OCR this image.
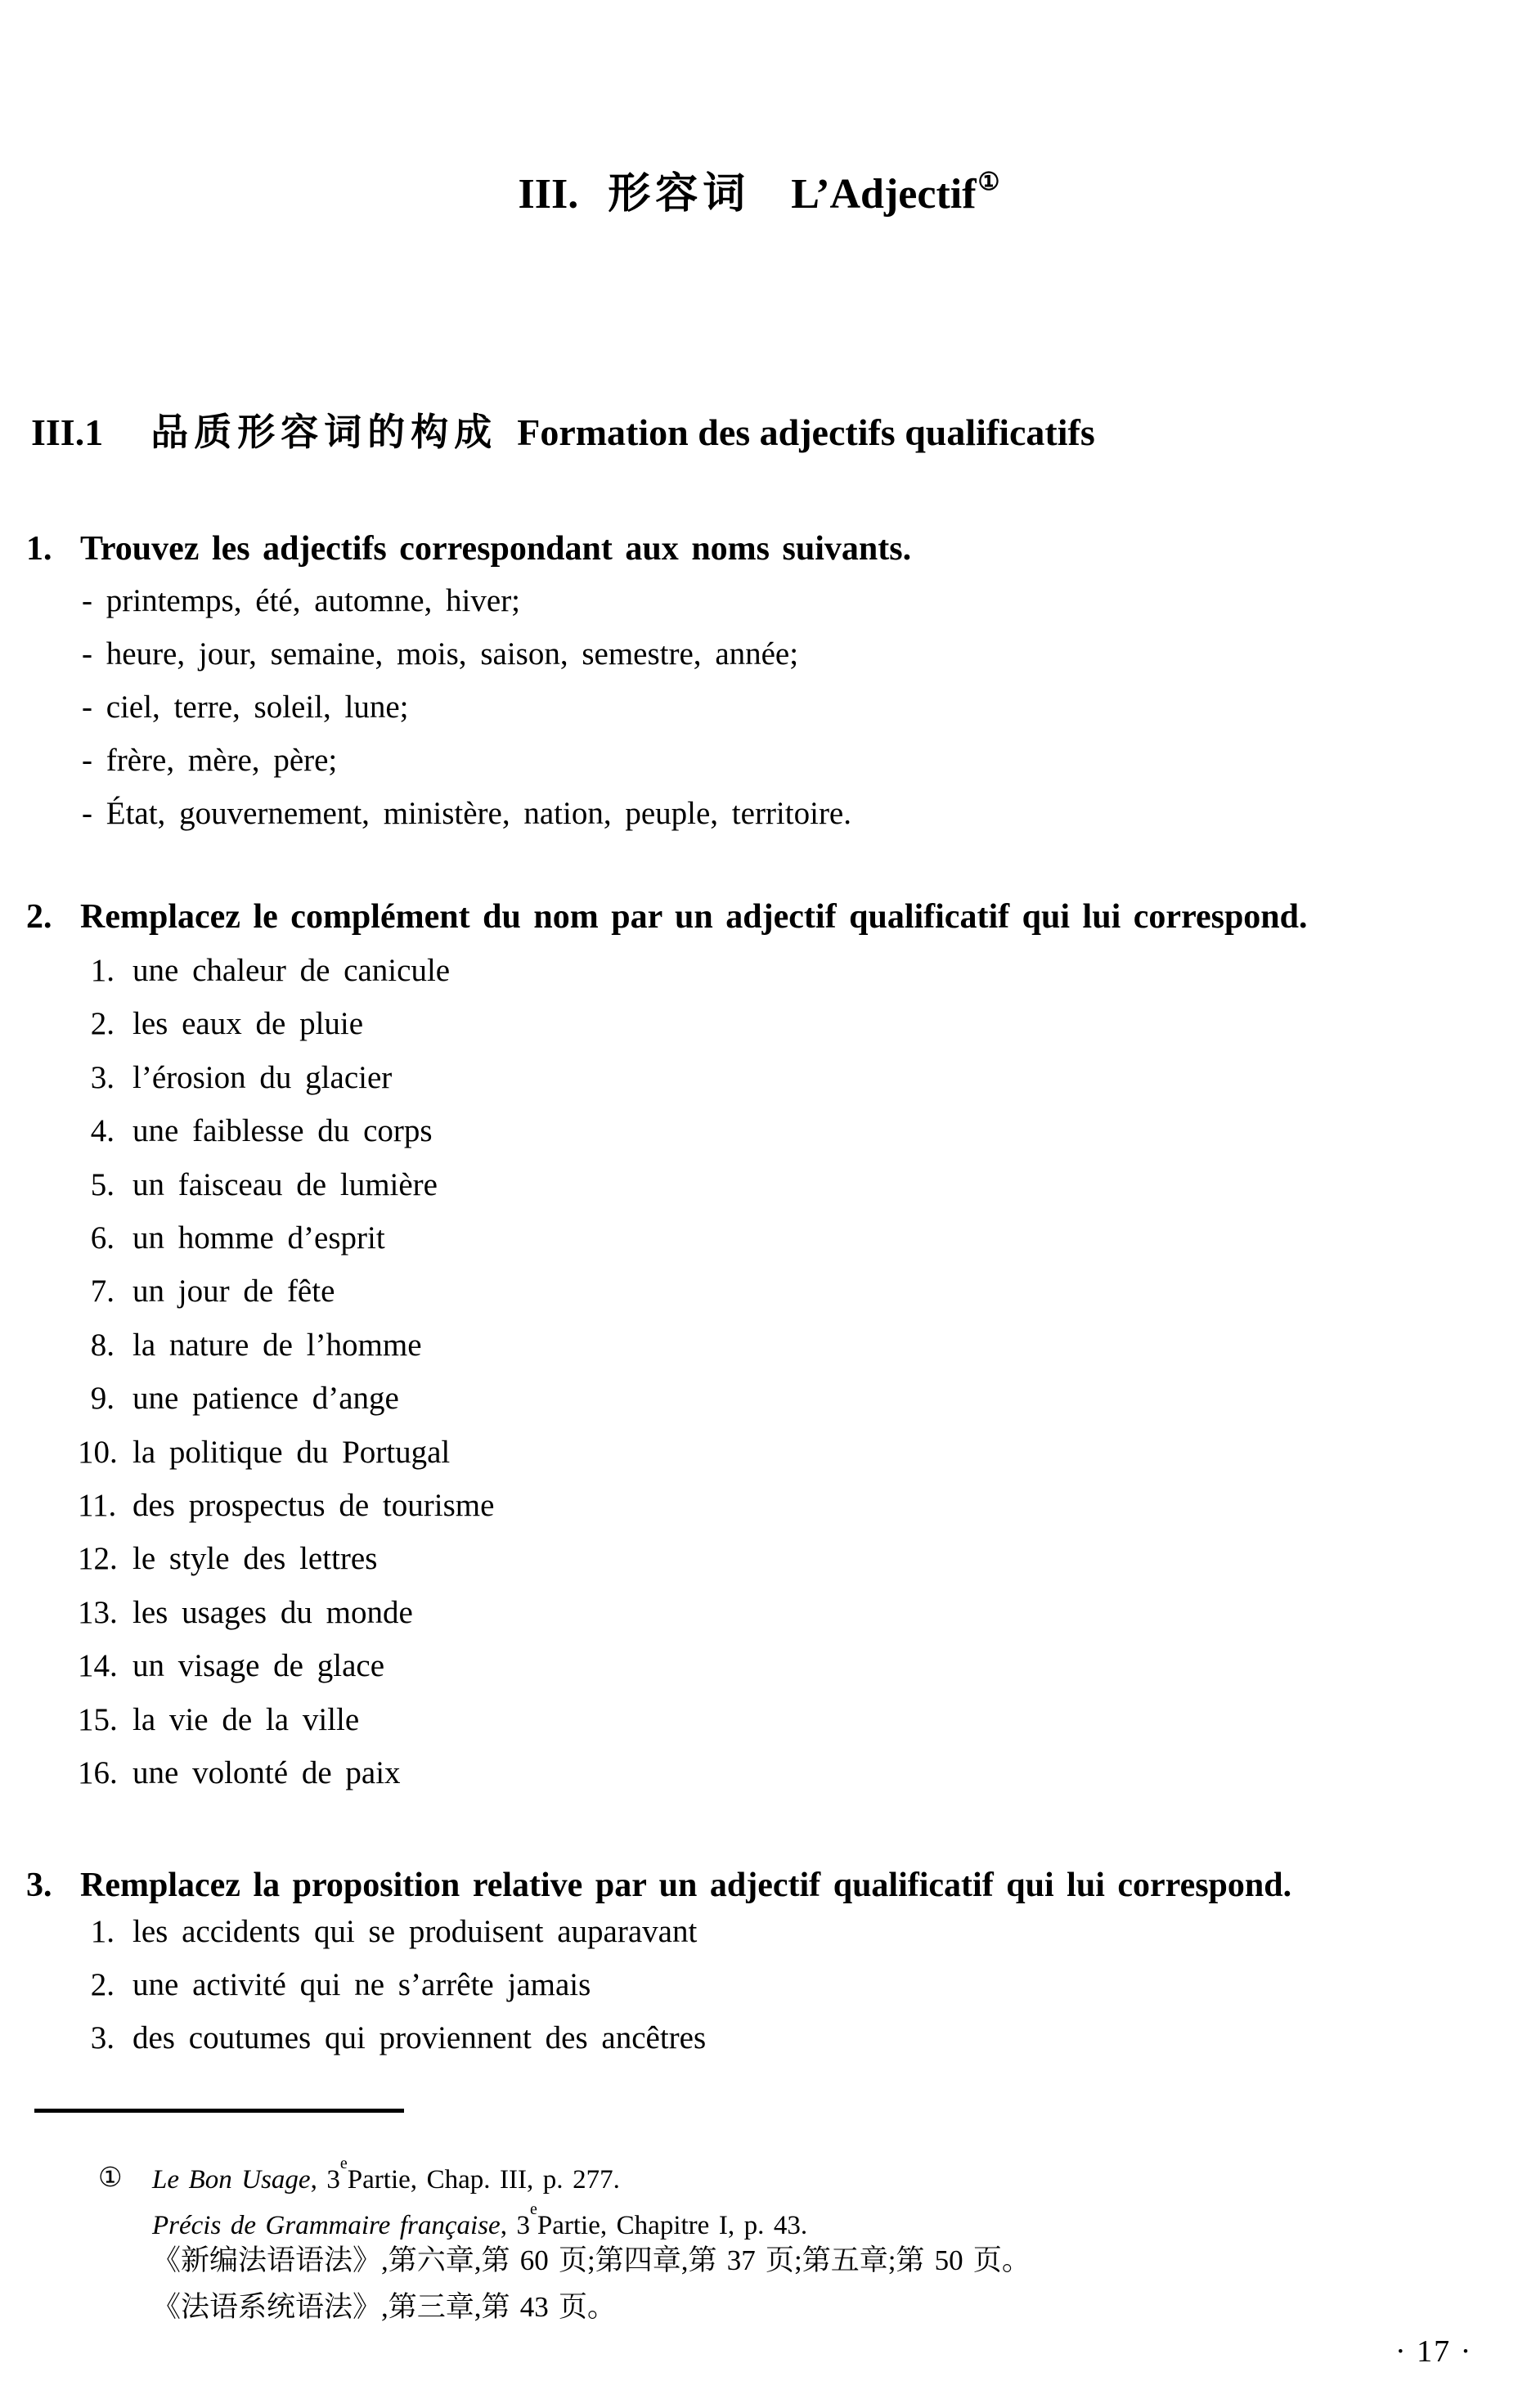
III. 形容词 L’Adjectif①
III.1 品质形容词的构成 Formation des adjectifs qualificatifs
1. Trouvez les adjectifs correspondant aux noms suivants.
- printemps, été, automne, hiver;
- heure, jour, semaine, mois, saison, semestre, année;
- ciel, terre, soleil, lune;
- frère, mère, père;
- État, gouvernement, ministère, nation, peuple, territoire.
2. Remplacez le complément du nom par un adjectif qualificatif qui lui correspond.
1. une chaleur de canicule
2. les eaux de pluie
3. l’érosion du glacier
4. une faiblesse du corps
5. un faisceau de lumière
6. un homme d’esprit
7. un jour de fête
8. la nature de l’homme
9. une patience d’ange
10. la politique du Portugal
11. des prospectus de tourisme
12. le style des lettres
13. les usages du monde
14. un visage de glace
15. la vie de la ville
16. une volonté de paix
3. Remplacez la proposition relative par un adjectif qualificatif qui lui correspond.
1. les accidents qui se produisent auparavant
2. une activité qui ne s’arrête jamais
3. des coutumes qui proviennent des ancêtres
① Le Bon Usage, 3ePartie, Chap. III, p. 277.
Précis de Grammaire française, 3ePartie, Chapitre I, p. 43.
《新编法语语法》,第六章,第 60 页;第四章,第 37 页;第五章;第 50 页。
《法语系统语法》,第三章,第 43 页。
· 17 ·
